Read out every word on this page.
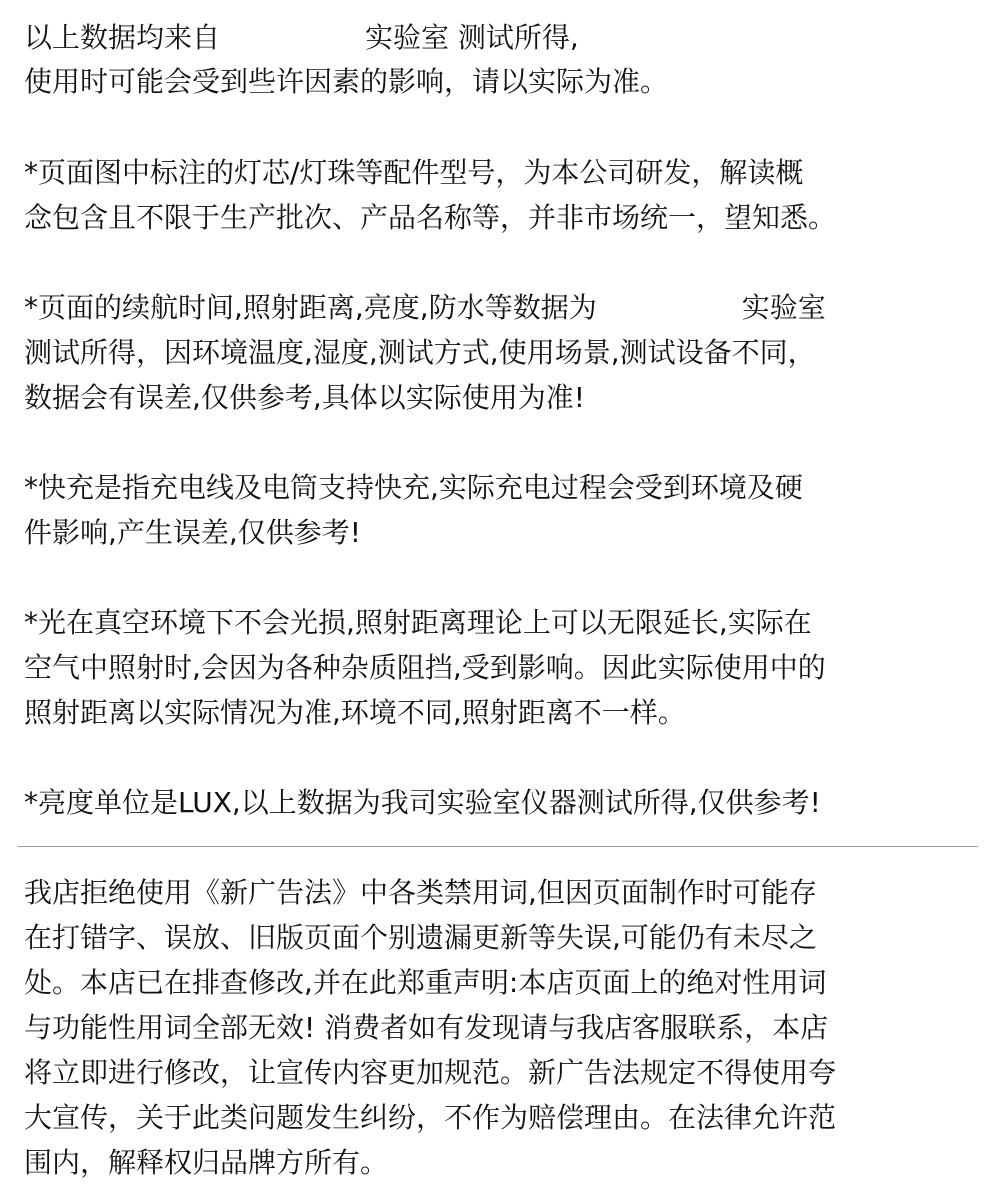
以上数据均来自	实验室 测试所得,
使用时可能会受到些许因素的影响，请以实际为准。
*页面图中标注的灯芯/灯珠等配件型号，为本公司研发，解读概
念包含且不限于生产批次、产品名称等，并非市场统一，望知悉。
*页面的续航时间,照射距离,亮度,防水等数据为	实验室
测试所得，因环境温度,湿度,测试方式,使用场景,测试设备不同，
数据会有误差,仅供参考,具体以实际使用为准!
*快充是指充电线及电筒支持快充,实际充电过程会受到环境及硬
件影响,产生误差,仅供参考!
*光在真空环境下不会光损,照射距离理论上可以无限延长,实际在
空气中照射时,会因为各种杂质阻挡,受到影响。因此实际使用中的
照射距离以实际情况为准,环境不同,照射距离不一样。
*亮度单位是LUX,以上数据为我司实验室仪器测试所得,仅供参考!
我店拒绝使用《新广告法》中各类禁用词,但因页面制作时可能存
在打错字、误放、旧版页面个别遗漏更新等失误,可能仍有未尽之
处。本店已在排查修改,并在此郑重声明:本店页面上的绝对性用词
与功能性用词全部无效! 消费者如有发现请与我店客服联系，本店
将立即进行修改，让宣传内容更加规范。新广告法规定不得使用夸
大宣传，关于此类问题发生纠纷，不作为赔偿理由。在法律允许范
围内，解释权归品牌方所有。
